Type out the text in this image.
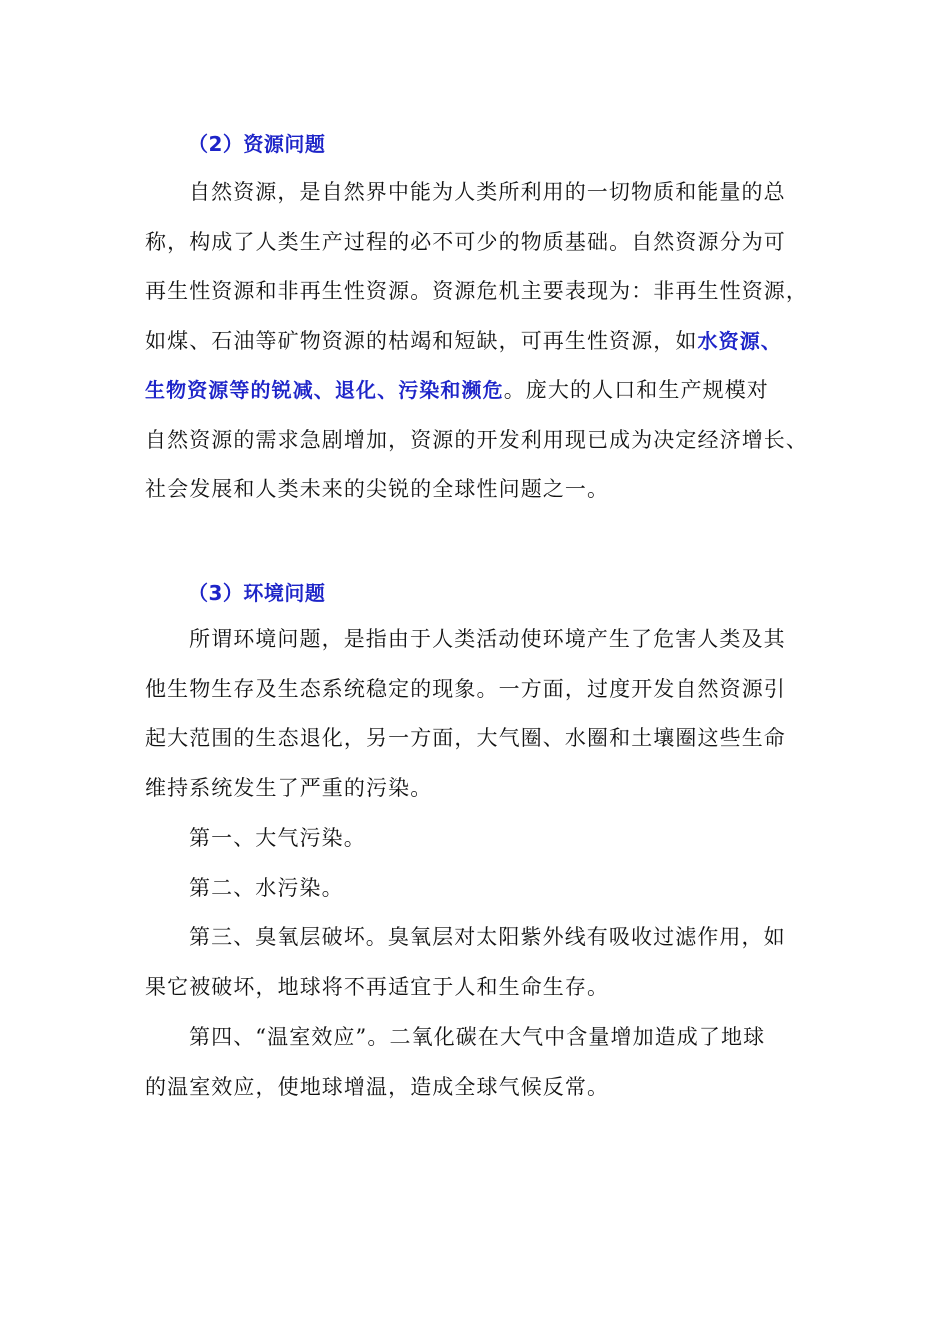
（2）资源问题
自然资源，是自然界中能为人类所利用的一切物质和能量的总
称，构成了人类生产过程的必不可少的物质基础。自然资源分为可
再生性资源和非再生性资源。资源危机主要表现为：非再生性资源，
如煤、石油等矿物资源的枯竭和短缺，可再生性资源，如水资源、
生物资源等的锐减、退化、污染和濒危。庞大的人口和生产规模对
自然资源的需求急剧增加，资源的开发利用现已成为决定经济增长、
社会发展和人类未来的尖锐的全球性问题之一。
（3）环境问题
所谓环境问题，是指由于人类活动使环境产生了危害人类及其
他生物生存及生态系统稳定的现象。一方面，过度开发自然资源引
起大范围的生态退化，另一方面，大气圈、水圈和土壤圈这些生命
维持系统发生了严重的污染。
第一、大气污染。
第二、水污染。
第三、臭氧层破坏。臭氧层对太阳紫外线有吸收过滤作用，如
果它被破坏，地球将不再适宜于人和生命生存。
第四、“温室效应”。二氧化碳在大气中含量增加造成了地球
的温室效应，使地球增温，造成全球气候反常。
